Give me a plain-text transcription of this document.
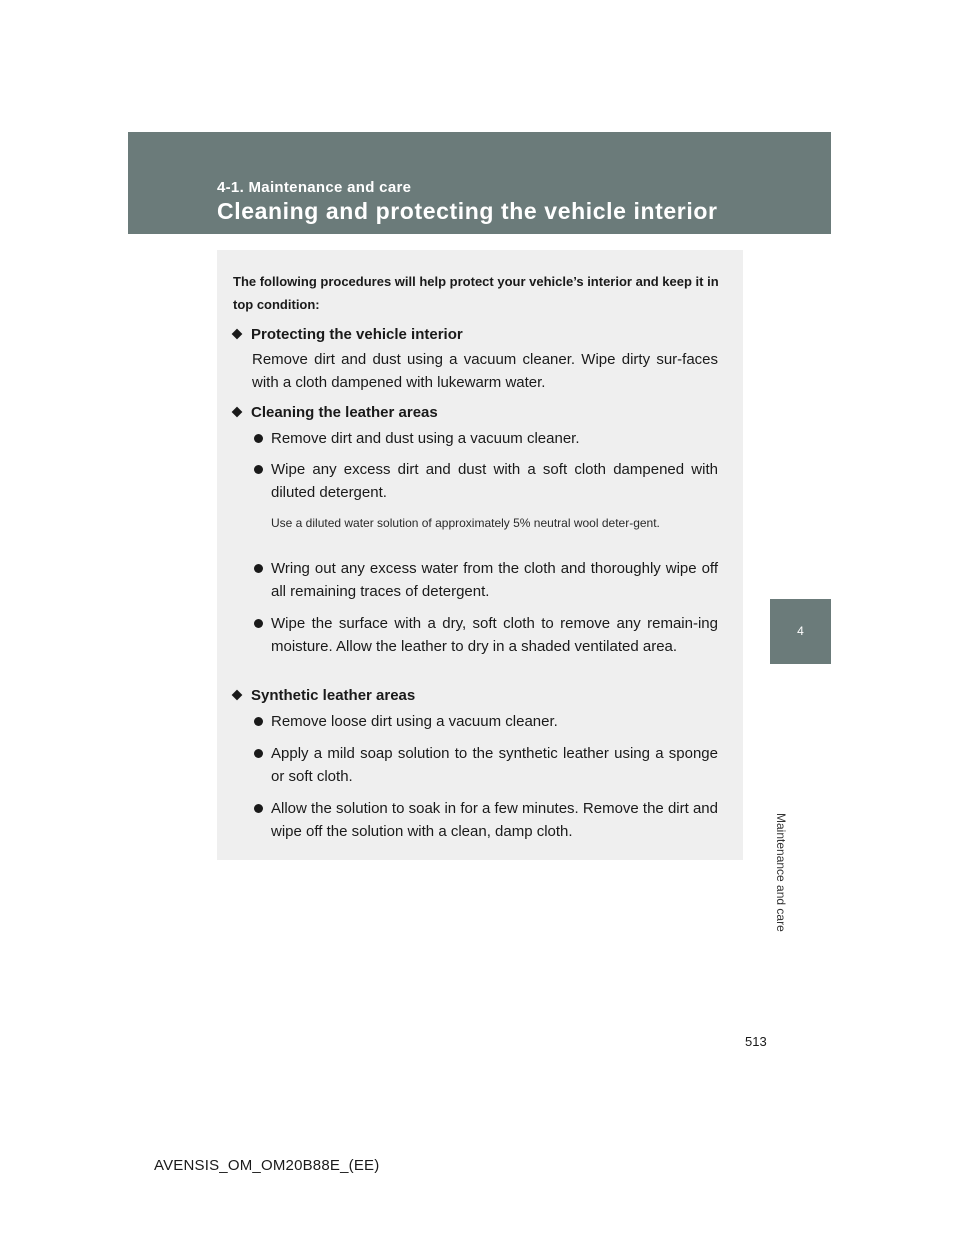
4-1. Maintenance and care
Cleaning and protecting the vehicle interior
4
Maintenance and care
The following procedures will help protect your vehicle’s interior and keep it in top condition:
Protecting the vehicle interior
Remove dirt and dust using a vacuum cleaner. Wipe dirty sur-faces with a cloth dampened with lukewarm water.
Cleaning the leather areas
Remove dirt and dust using a vacuum cleaner.
Wipe any excess dirt and dust with a soft cloth dampened with diluted detergent.
Use a diluted water solution of approximately 5% neutral wool deter-gent.
Wring out any excess water from the cloth and thoroughly wipe off all remaining traces of detergent.
Wipe the surface with a dry, soft cloth to remove any remain-ing moisture. Allow the leather to dry in a shaded ventilated area.
Synthetic leather areas
Remove loose dirt using a vacuum cleaner.
Apply a mild soap solution to the synthetic leather using a sponge or soft cloth.
Allow the solution to soak in for a few minutes. Remove the dirt and wipe off the solution with a clean, damp cloth.
513
AVENSIS_OM_OM20B88E_(EE)
